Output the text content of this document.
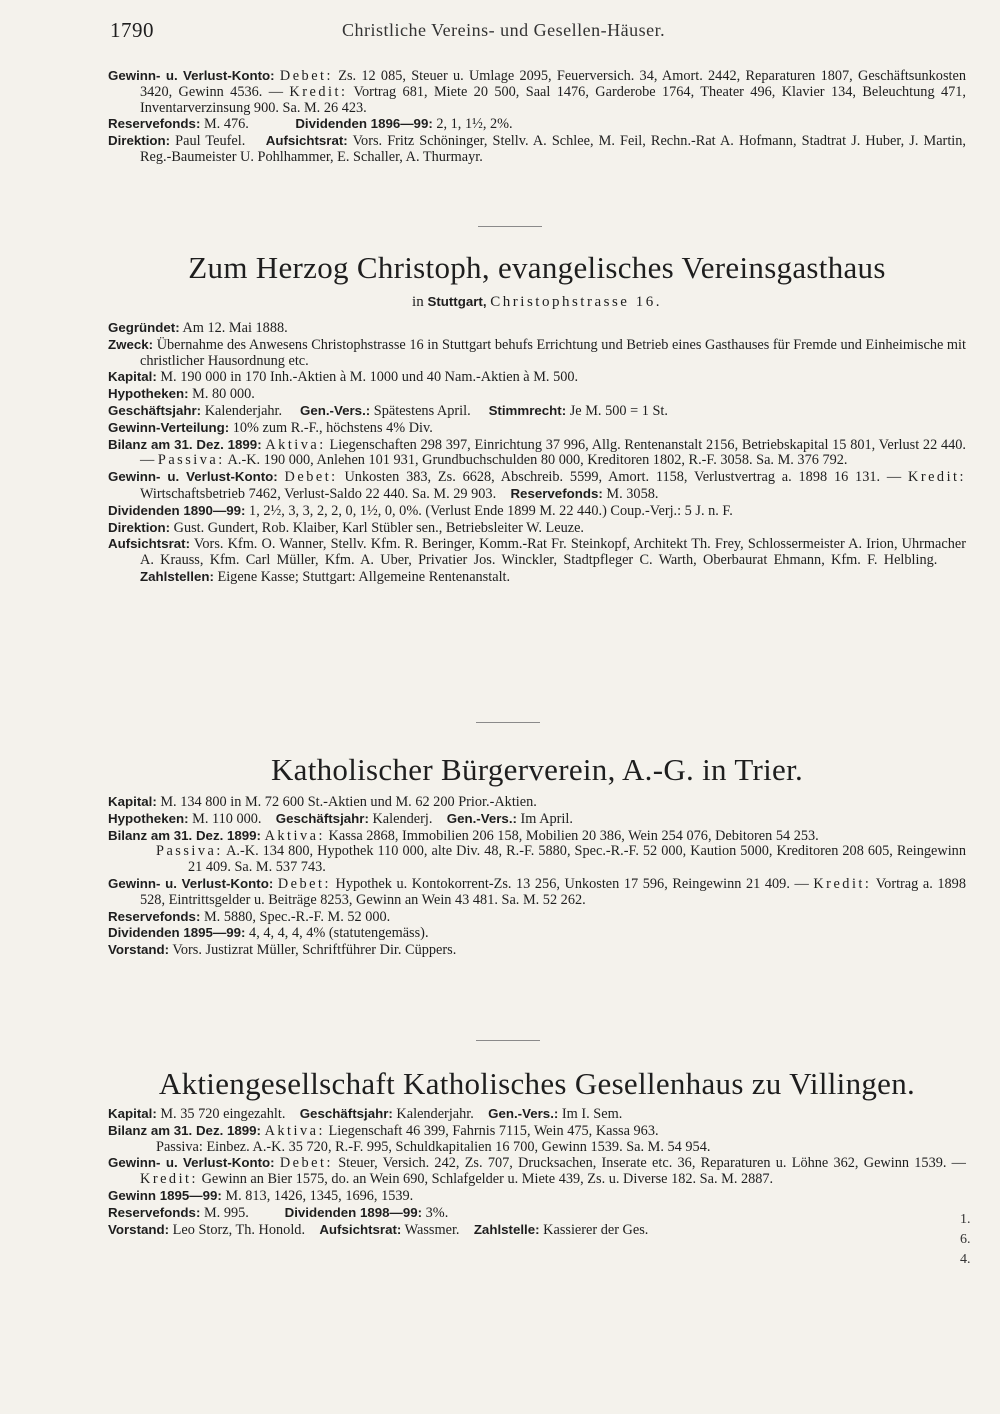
1790	Christliche Vereins- und Gesellen-Häuser.

Gewinn- u. Verlust-Konto: Debet: Zs. 12 085, Steuer u. Umlage 2095, Feuerversich. 34, Amort. 2442, Reparaturen 1807, Geschäftsunkosten 3420, Gewinn 4536. — Kredit: Vortrag 681, Miete 20 500, Saal 1476, Garderobe 1764, Theater 496, Klavier 134, Beleuchtung 471, Inventarverzinsung 900. Sa. M. 26 423.

Reservefonds: M. 476.	Dividenden 1896—99: 2, 1, 1½, 2%.

Direktion: Paul Teufel. Aufsichtsrat: Vors. Fritz Schöninger, Stellv. A. Schlee, M. Feil, Rechn.-Rat A. Hofmann, Stadtrat J. Huber, J. Martin, Reg.-Baumeister U. Pohlhammer, E. Schaller, A. Thurmayr.

Zum Herzog Christoph, evangelisches Vereinsgasthaus
in Stuttgart, Christophstrasse 16.

Gegründet: Am 12. Mai 1888.

Zweck: Übernahme des Anwesens Christophstrasse 16 in Stuttgart behufs Errichtung und Betrieb eines Gasthauses für Fremde und Einheimische mit christlicher Hausordnung etc.

Kapital: M. 190 000 in 170 Inh.-Aktien à M. 1000 und 40 Nam.-Aktien à M. 500.

Hypotheken: M. 80 000.

Geschäftsjahr: Kalenderjahr. Gen.-Vers.: Spätestens April. Stimmrecht: Je M. 500 = 1 St.

Gewinn-Verteilung: 10% zum R.-F., höchstens 4% Div.

Bilanz am 31. Dez. 1899: Aktiva: Liegenschaften 298 397, Einrichtung 37 996, Allg. Rentenanstalt 2156, Betriebskapital 15 801, Verlust 22 440. — Passiva: A.-K. 190 000, Anlehen 101 931, Grundbuchschulden 80 000, Kreditoren 1802, R.-F. 3058. Sa. M. 376 792.

Gewinn- u. Verlust-Konto: Debet: Unkosten 383, Zs. 6628, Abschreib. 5599, Amort. 1158, Verlustvertrag a. 1898 16 131. — Kredit: Wirtschaftsbetrieb 7462, Verlust-Saldo 22 440. Sa. M. 29 903. Reservefonds: M. 3058.

Dividenden 1890—99: 1, 2½, 3, 3, 2, 2, 0, 1½, 0, 0%. (Verlust Ende 1899 M. 22 440.) Coup.-Verj.: 5 J. n. F.

Direktion: Gust. Gundert, Rob. Klaiber, Karl Stübler sen., Betriebsleiter W. Leuze.

Aufsichtsrat: Vors. Kfm. O. Wanner, Stellv. Kfm. R. Beringer, Komm.-Rat Fr. Steinkopf, Architekt Th. Frey, Schlossermeister A. Irion, Uhrmacher A. Krauss, Kfm. Carl Müller, Kfm. A. Uber, Privatier Jos. Winckler, Stadtpfleger C. Warth, Oberbaurat Ehmann, Kfm. F. Helbling.      Zahlstellen: Eigene Kasse; Stuttgart: Allgemeine Rentenanstalt.

Katholischer Bürgerverein, A.-G. in Trier.

Kapital: M. 134 800 in M. 72 600 St.-Aktien und M. 62 200 Prior.-Aktien.

Hypotheken: M. 110 000. Geschäftsjahr: Kalenderj. Gen.-Vers.: Im April.

Bilanz am 31. Dez. 1899: Aktiva: Kassa 2868, Immobilien 206 158, Mobilien 20 386, Wein 254 076, Debitoren 54 253.

Passiva: A.-K. 134 800, Hypothek 110 000, alte Div. 48, R.-F. 5880, Spec.-R.-F. 52 000, Kaution 5000, Kreditoren 208 605, Reingewinn 21 409. Sa. M. 537 743.

Gewinn- u. Verlust-Konto: Debet: Hypothek u. Kontokorrent-Zs. 13 256, Unkosten 17 596, Reingewinn 21 409. — Kredit: Vortrag a. 1898 528, Eintrittsgelder u. Beiträge 8253, Gewinn an Wein 43 481. Sa. M. 52 262.

Reservefonds: M. 5880, Spec.-R.-F. M. 52 000.

Dividenden 1895—99: 4, 4, 4, 4, 4% (statutengemäss).

Vorstand: Vors. Justizrat Müller, Schriftführer Dir. Cüppers.

Aktiengesellschaft Katholisches Gesellenhaus zu Villingen.

Kapital: M. 35 720 eingezahlt. Geschäftsjahr: Kalenderjahr. Gen.-Vers.: Im I. Sem.

Bilanz am 31. Dez. 1899: Aktiva: Liegenschaft 46 399, Fahrnis 7115, Wein 475, Kassa 963.

Passiva: Einbez. A.-K. 35 720, R.-F. 995, Schuldkapitalien 16 700, Gewinn 1539. Sa. M. 54 954.

Gewinn- u. Verlust-Konto: Debet: Steuer, Versich. 242, Zs. 707, Drucksachen, Inserate etc. 36, Reparaturen u. Löhne 362, Gewinn 1539. — Kredit: Gewinn an Bier 1575, do. an Wein 690, Schlafgelder u. Miete 439, Zs. u. Diverse 182. Sa. M. 2887.

Gewinn 1895—99: M. 813, 1426, 1345, 1696, 1539.

Reservefonds: M. 995.	Dividenden 1898—99: 3%.

Vorstand: Leo Storz, Th. Honold. Aufsichtsrat: Wassmer. Zahlstelle: Kassierer der Ges.

1.
6.
4.
